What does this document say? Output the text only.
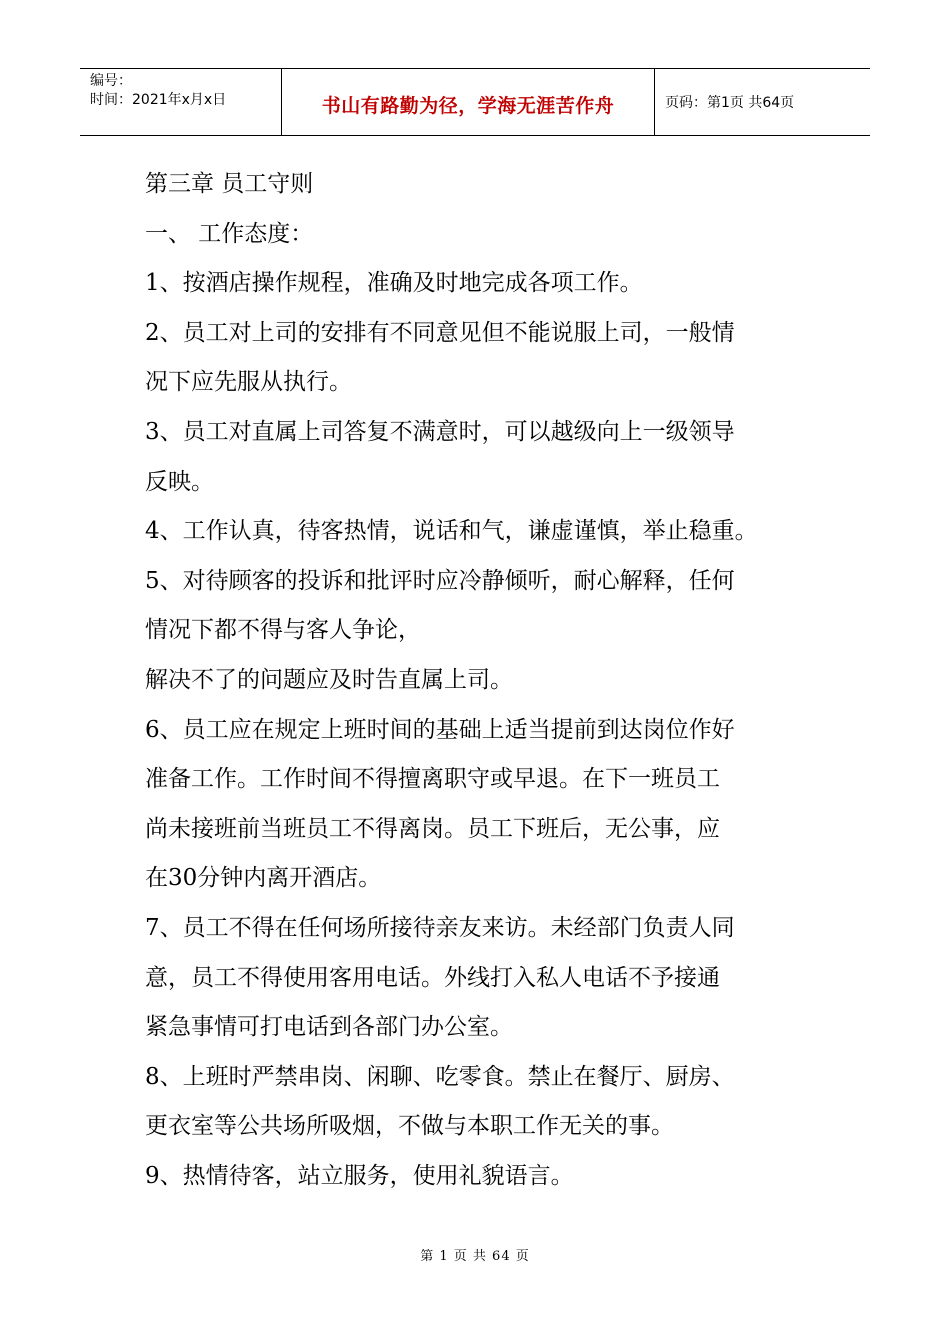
编号：
时间：2021年x月x日	书山有路勤为径，学海无涯苦作舟	页码：第1页 共64页

第三章 员工守则

一、 工作态度：

1、按酒店操作规程，准确及时地完成各项工作。

2、员工对上司的安排有不同意见但不能说服上司，一般情

况下应先服从执行。

3、员工对直属上司答复不满意时，可以越级向上一级领导

反映。

4、工作认真，待客热情，说话和气，谦虚谨慎，举止稳重。

5、对待顾客的投诉和批评时应冷静倾听，耐心解释，任何

情况下都不得与客人争论，

解决不了的问题应及时告直属上司。

6、员工应在规定上班时间的基础上适当提前到达岗位作好

准备工作。工作时间不得擅离职守或早退。在下一班员工

尚未接班前当班员工不得离岗。员工下班后，无公事，应

在30分钟内离开酒店。

7、员工不得在任何场所接待亲友来访。未经部门负责人同

意，员工不得使用客用电话。外线打入私人电话不予接通

紧急事情可打电话到各部门办公室。

8、上班时严禁串岗、闲聊、吃零食。禁止在餐厅、厨房、

更衣室等公共场所吸烟，不做与本职工作无关的事。

9、热情待客，站立服务，使用礼貌语言。

第 1 页 共 64 页
